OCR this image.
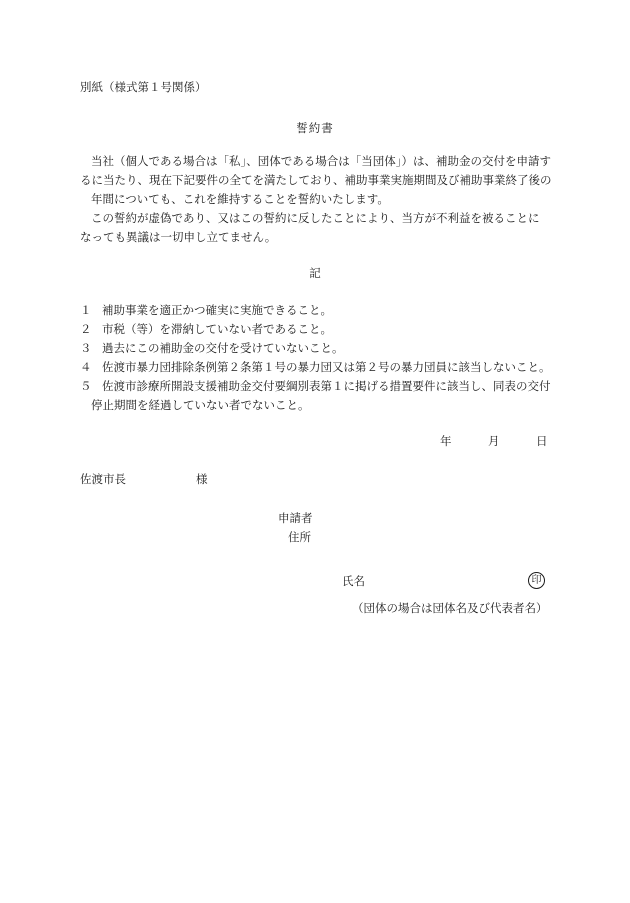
別紙（様式第１号関係）
誓約書
当社（個人である場合は「私」、団体である場合は「当団体」）は、補助金の交付を申請す
るに当たり、現在下記要件の全てを満たしており、補助事業実施期間及び補助事業終了後の
年間についても、これを維持することを誓約いたします。
この誓約が虚偽であり、又はこの誓約に反したことにより、当方が不利益を被ることに
なっても異議は一切申し立てません。
記
１ 補助事業を適正かつ確実に実施できること。
２ 市税（等）を滞納していない者であること。
３ 過去にこの補助金の交付を受けていないこと。
４ 佐渡市暴力団排除条例第２条第１号の暴力団又は第２号の暴力団員に該当しないこと。
５ 佐渡市診療所開設支援補助金交付要綱別表第１に掲げる措置要件に該当し、同表の交付
停止期間を経過していない者でないこと。
年	月	日
佐渡市長	様
申請者
住所
氏名	印
（団体の場合は団体名及び代表者名）
